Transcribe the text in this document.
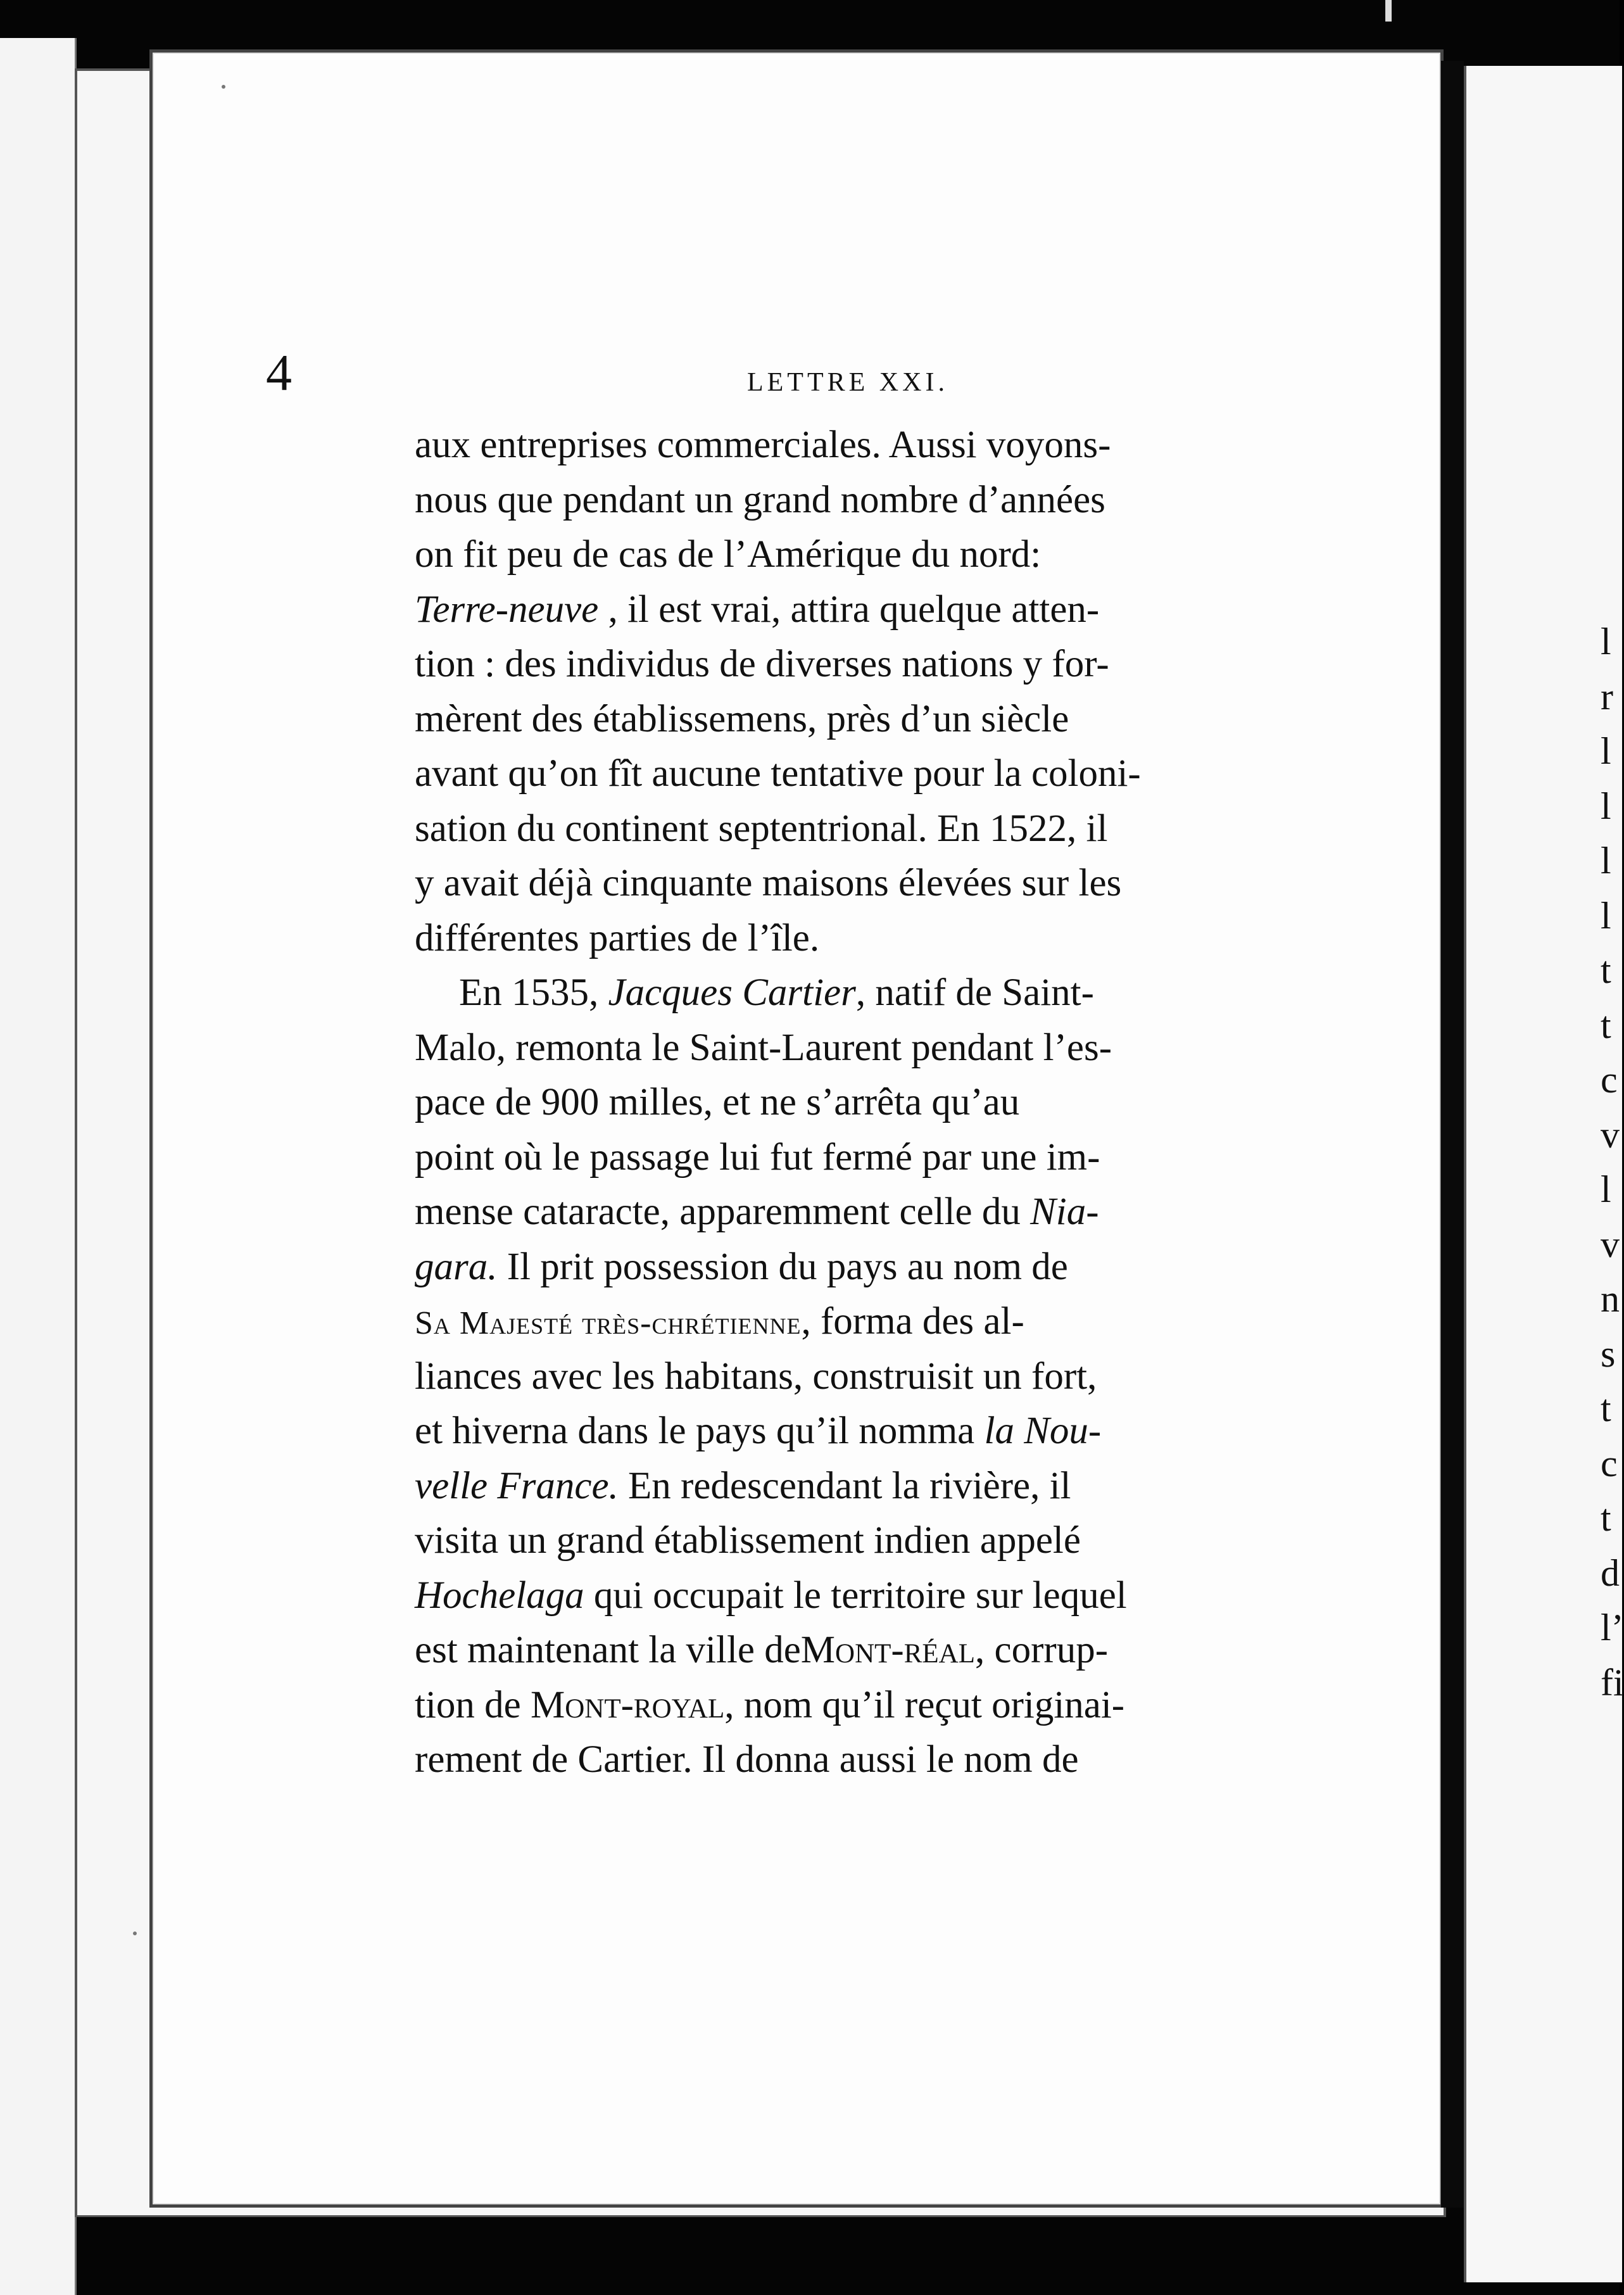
4	LETTRE XXI.
aux entreprises commerciales. Aussi voyons-
nous que pendant un grand nombre d’années
on fit peu de cas de l’Amérique du nord:
Terre-neuve , il est vrai, attira quelque atten-
tion : des individus de diverses nations y for-
mèrent des établissemens, près d’un siècle
avant qu’on fît aucune tentative pour la coloni-
sation du continent septentrional. En 1522, il
y avait déjà cinquante maisons élevées sur les
différentes parties de l’île.
En 1535, Jacques Cartier, natif de Saint-
Malo, remonta le Saint-Laurent pendant l’es-
pace de 900 milles, et ne s’arrêta qu’au
point où le passage lui fut fermé par une im-
mense cataracte, apparemment celle du Nia-
gara. Il prit possession du pays au nom de
Sa Majesté très-chrétienne, forma des al-
liances avec les habitans, construisit un fort,
et hiverna dans le pays qu’il nomma la Nou-
velle France. En redescendant la rivière, il
visita un grand établissement indien appelé
Hochelaga qui occupait le territoire sur lequel
est maintenant la ville deMont-réal, corrup-
tion de Mont-royal, nom qu’il reçut originai-
rement de Cartier. Il donna aussi le nom de
l
r
l
l
l
l
t
t
c
v
l
v
n
s
t
c
t
d
l’
fi
